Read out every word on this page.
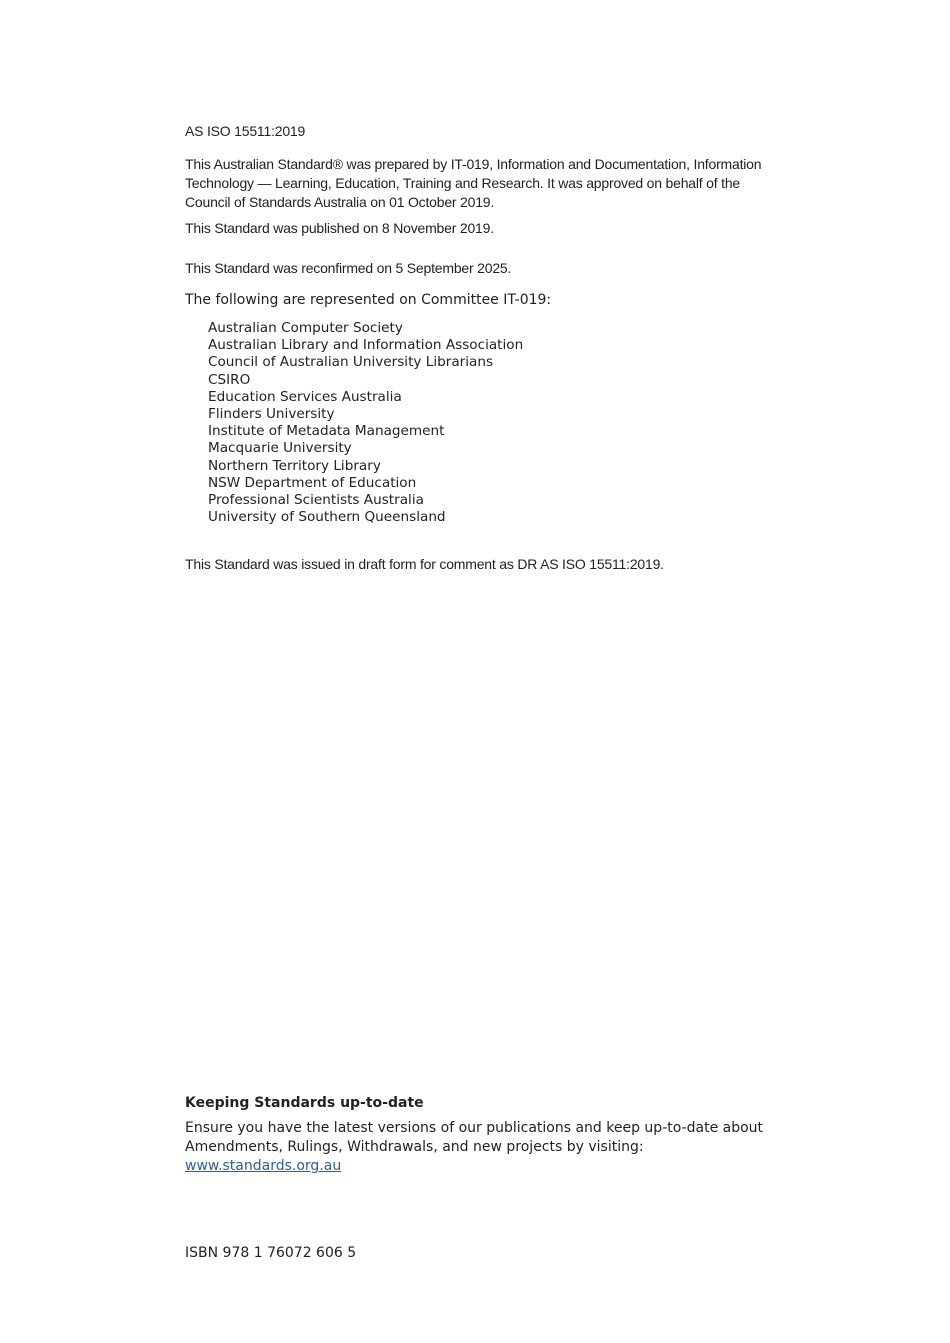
AS ISO 15511:2019

This Australian Standard® was prepared by IT-019, Information and Documentation, Information Technology — Learning, Education, Training and Research. It was approved on behalf of the Council of Standards Australia on 01 October 2019.

This Standard was published on 8 November 2019.

This Standard was reconfirmed on 5 September 2025.

The following are represented on Committee IT-019:

Australian Computer Society
Australian Library and Information Association
Council of Australian University Librarians
CSIRO
Education Services Australia
Flinders University
Institute of Metadata Management
Macquarie University
Northern Territory Library
NSW Department of Education
Professional Scientists Australia
University of Southern Queensland

This Standard was issued in draft form for comment as DR AS ISO 15511:2019.

Keeping Standards up-to-date

Ensure you have the latest versions of our publications and keep up-to-date about
Amendments, Rulings, Withdrawals, and new projects by visiting:
www.standards.org.au

ISBN 978 1 76072 606 5
